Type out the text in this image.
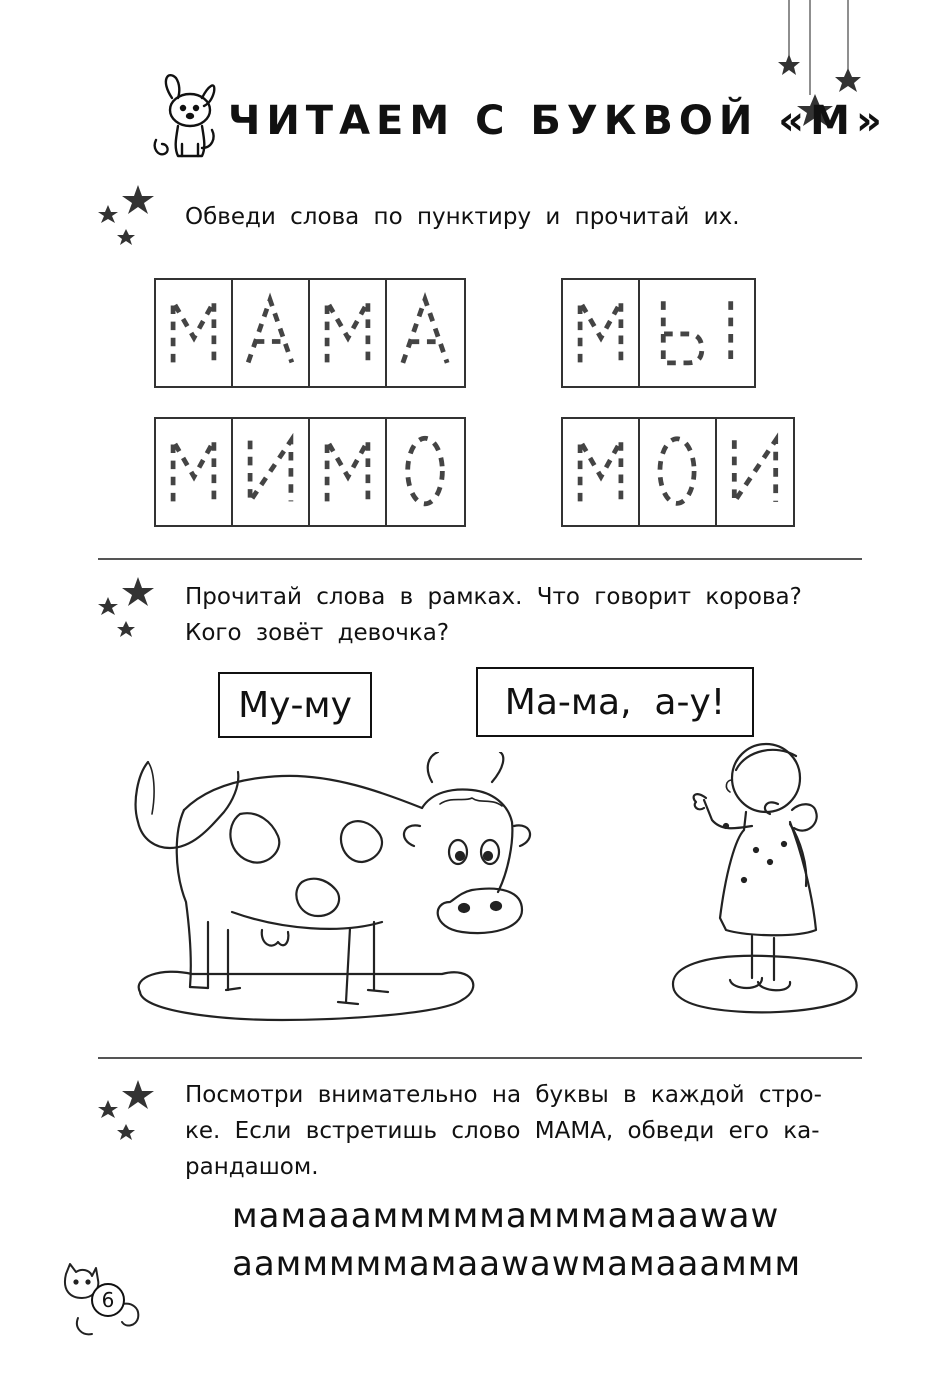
ЧИТАЕМ С БУКВОЙ «М»
Обведи слова по пунктиру и прочитай их.
Прочитай слова в рамках. Что говорит корова?
Кого зовёт девочка?
Му-му	Ма-ма,  а-у!
Посмотри внимательно на буквы в каждой стро-
ке. Если встретишь слово МАМА, обведи его ка-
рандашом.
мамааамммммамммамаawaw
аамммммамааwawмамаааммм
6
